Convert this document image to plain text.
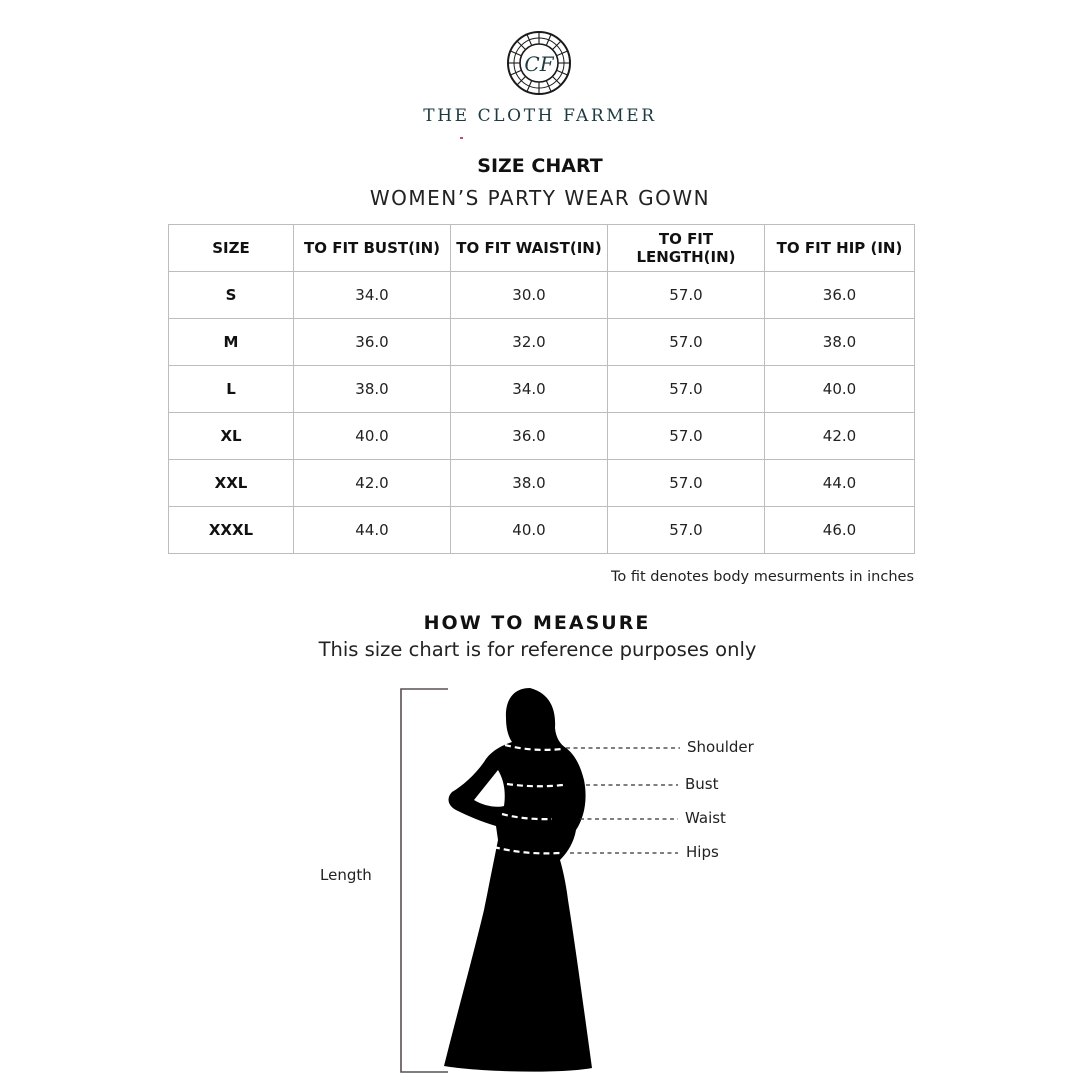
CF
THE CLOTH FARMER
SIZE CHART
WOMEN’S PARTY WEAR GOWN
SIZE	TO FIT BUST(IN)	TO FIT WAIST(IN)	TO FIT LENGTH(IN)	TO FIT HIP (IN)
S	34.0	30.0	57.0	36.0
M	36.0	32.0	57.0	38.0
L	38.0	34.0	57.0	40.0
XL	40.0	36.0	57.0	42.0
XXL	42.0	38.0	57.0	44.0
XXXL	44.0	40.0	57.0	46.0
To fit denotes body mesurments in inches
HOW TO MEASURE
This size chart is for reference purposes only
Shoulder
Bust
Waist
Hips
Length
